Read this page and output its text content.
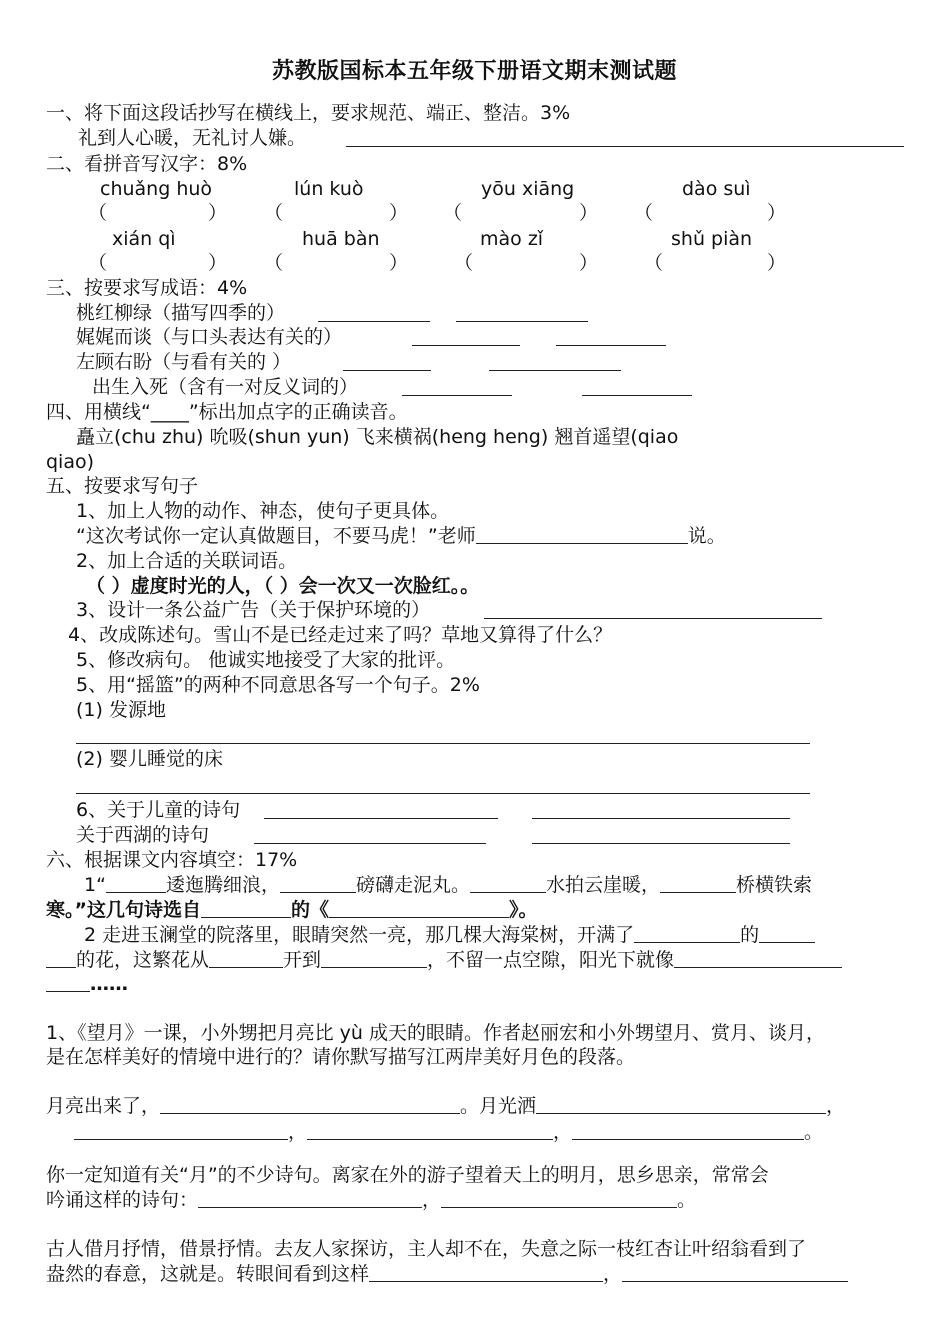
苏教版国标本五年级下册语文期末测试题
一、将下面这段话抄写在横线上，要求规范、端正、整洁。3%
礼到人心暖，无礼讨人嫌。
二、看拼音写汉字：8%
chuǎng huò	lún kuò	yōu xiāng	dào suì
（	） （	） （	） （	）
xián qì	huā bàn	mào zǐ	shǔ piàn
（	） （	） （	） （	）
三、按要求写成语：4%
桃红柳绿（描写四季的）
娓娓而谈（与口头表达有关的）
左顾右盼（与看有关的 ）
出生入死（含有一对反义词的）
四、用横线“____”标出加点字的正确读音。
矗立(chu zhu) 吮吸(shun yun) 飞来横祸(heng heng) 翘首遥望(qiao
qiao)
五、按要求写句子
1、加上人物的动作、神态，使句子更具体。
“这次考试你一定认真做题目，不要马虎！”老师	说。
2、加上合适的关联词语。
（ ）虚度时光的人，（ ）会一次又一次脸红。。
3、设计一条公益广告（关于保护环境的）
4、改成陈述句。雪山不是已经走过来了吗？草地又算得了什么？
5、修改病句。 他诚实地接受了大家的批评。
5、用“摇篮”的两种不同意思各写一个句子。2%
(1) 发源地
(2) 婴儿睡觉的床
6、关于儿童的诗句
关于西湖的诗句
六、根据课文内容填空：17%
1“	逶迤腾细浪，	磅礴走泥丸。	水拍云崖暖，	桥横铁索
寒。”这几句诗选自	的《	》。
2 走进玉澜堂的院落里，眼睛突然一亮，那几棵大海棠树，开满了	的
的花，这繁花从	开到	，不留一点空隙，阳光下就像
……
1、《望月》一课，小外甥把月亮比 yù 成天的眼睛。作者赵丽宏和小外甥望月、赏月、谈月，
是在怎样美好的情境中进行的？请你默写描写江两岸美好月色的段落。
月亮出来了，	。月光洒	，
，	，	。
你一定知道有关“月”的不少诗句。离家在外的游子望着天上的明月，思乡思亲，常常会
吟诵这样的诗句：	，	。
古人借月抒情，借景抒情。去友人家探访，主人却不在，失意之际一枝红杏让叶绍翁看到了
盎然的春意，这就是。转眼间看到这样	，
